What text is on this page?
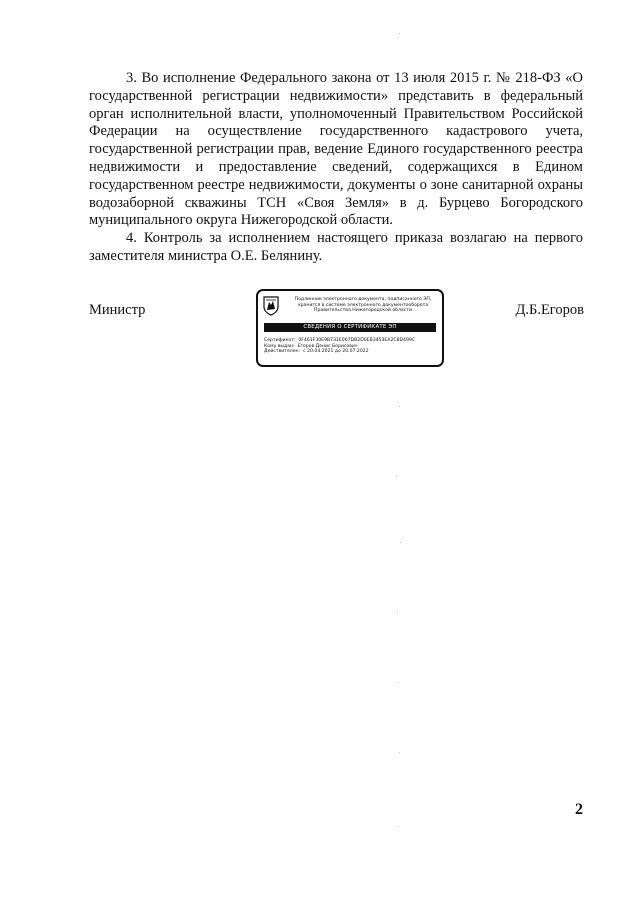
3. Во исполнение Федерального закона от 13 июля 2015 г. № 218-ФЗ «О государственной регистрации недвижимости» представить в федеральный орган исполнительной власти, уполномоченный Правительством Российской Федерации на осуществление государственного кадастрового учета, государственной регистрации прав, ведение Единого государственного реестра недвижимости и предоставление сведений, содержащихся в Едином государственном реестре недвижимости, документы о зоне санитарной охраны водозаборной скважины ТСН «Своя Земля» в д. Бурцево Богородского муниципального округа Нижегородской области.

4. Контроль за исполнением настоящего приказа возлагаю на первого заместителя министра О.Е. Белянину.

Министр
Подлинник электронного документа, подписанного ЭП, хранится в системе электронного документооборота Правительства Нижегородской области
СВЕДЕНИЯ О СЕРТИФИКАТЕ ЭП
Сертификат: 0F461F30E9B731E067DB2D0EB3453EA2C8D499C
Кому выдан: Егоров Денис Борисович
Действителен: с 20.04.2021 до 20.07.2022
Д.Б.Егоров
2
